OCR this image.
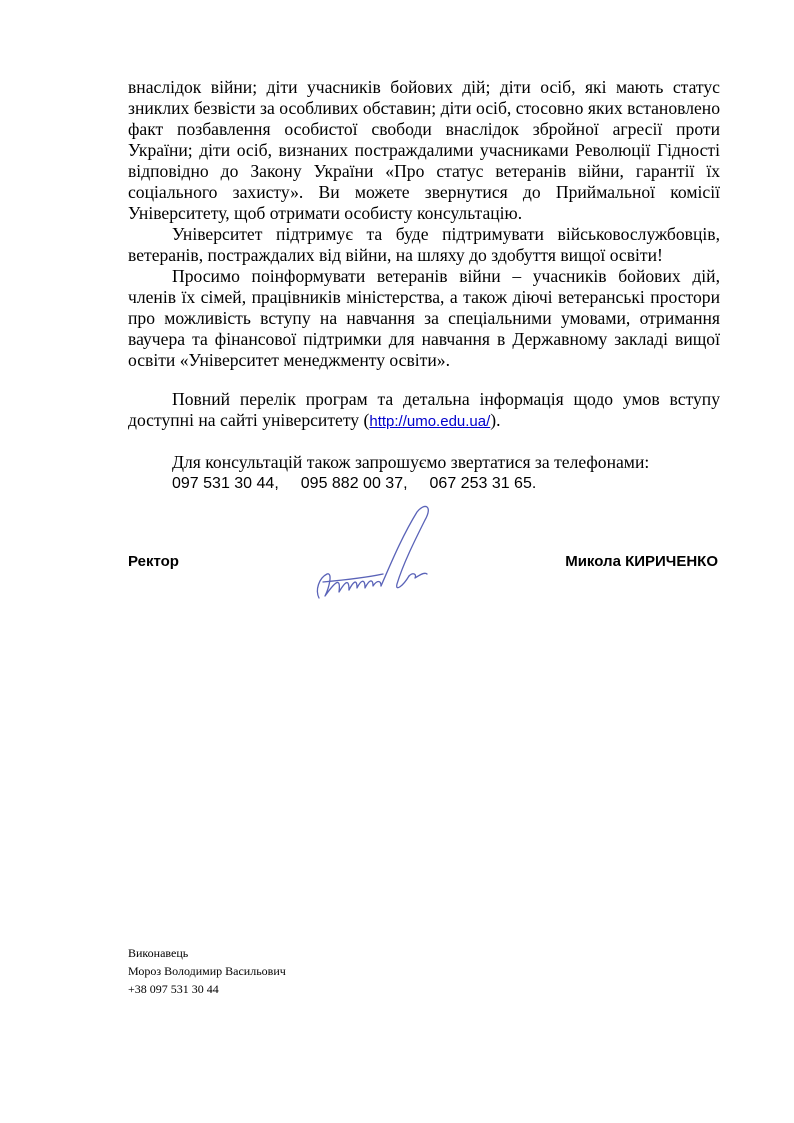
внаслідок війни; діти учасників бойових дій; діти осіб, які мають статус зниклих безвісти за особливих обставин; діти осіб, стосовно яких встановлено факт позбавлення особистої свободи внаслідок збройної агресії проти України; діти осіб, визнаних постраждалими учасниками Революції Гідності відповідно до Закону України «Про статус ветеранів війни, гарантії їх соціального захисту». Ви можете звернутися до Приймальної комісії Університету, щоб отримати особисту консультацію.

Університет підтримує та буде підтримувати військовослужбовців, ветеранів, постраждалих від війни, на шляху до здобуття вищої освіти!

Просимо поінформувати ветеранів війни – учасників бойових дій, членів їх сімей, працівників міністерства, а також діючі ветеранські простори про можливість вступу на навчання за спеціальними умовами, отримання ваучера та фінансової підтримки для навчання в Державному закладі вищої освіти «Університет менеджменту освіти».

Повний перелік програм та детальна інформація щодо умов вступу доступні на сайті університету (http://umo.edu.ua/).

Для консультацій також запрошуємо звертатися за телефонами:

097 531 30 44, 095 882 00 37, 067 253 31 65.
Ректор	Микола КИРИЧЕНКО
Виконавець
Мороз Володимир Васильович
+38 097 531 30 44
